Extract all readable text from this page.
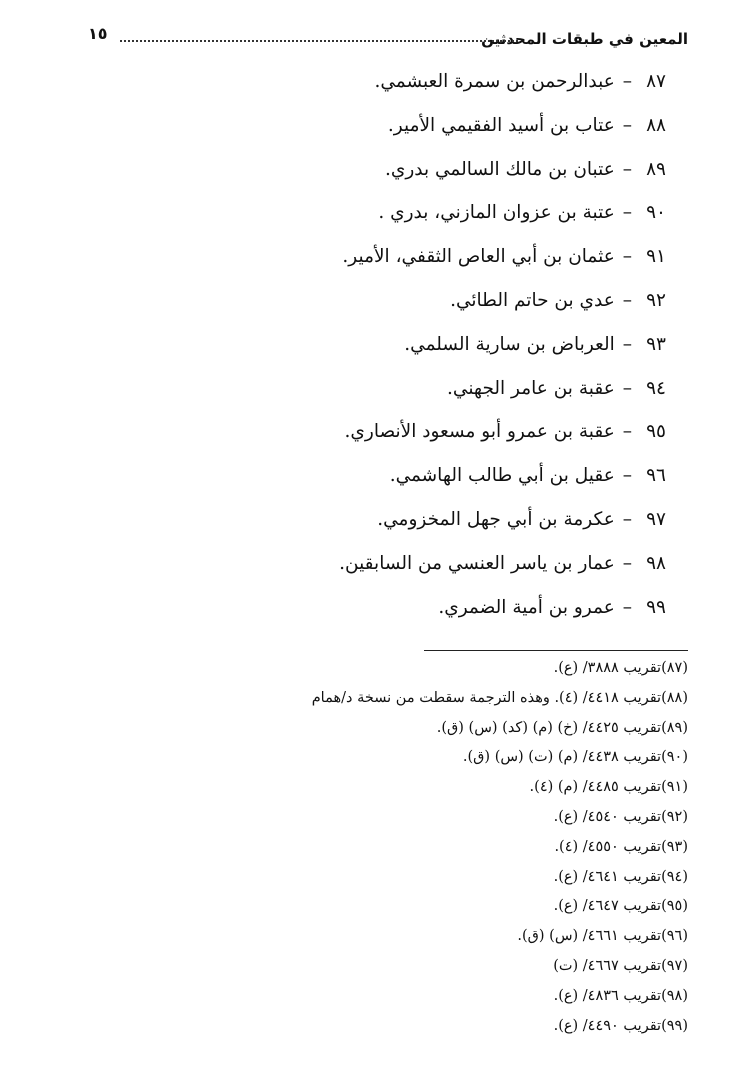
المعين في طبقات المحدثين
١٥
٨٧–عبدالرحمن بن سمرة العبشمي.
٨٨–عتاب بن أسيد الفقيمي الأمير.
٨٩–عتبان بن مالك السالمي بدري.
٩٠–عتبة بن عزوان المازني، بدري .
٩١–عثمان بن أبي العاص الثقفي، الأمير.
٩٢–عدي بن حاتم الطائي.
٩٣–العرباض بن سارية السلمي.
٩٤–عقبة بن عامر الجهني.
٩٥–عقبة بن عمرو أبو مسعود الأنصاري.
٩٦–عقيل بن أبي طالب الهاشمي.
٩٧–عكرمة بن أبي جهل المخزومي.
٩٨–عمار بن ياسر العنسي من السابقين.
٩٩–عمرو بن أمية الضمري.
(٨٧)تقريب ٣٨٨٨/ (ع).
(٨٨)تقريب ٤٤١٨/ (٤). وهذه الترجمة سقطت من نسخة د/همام
(٨٩)تقريب ٤٤٢٥/ (خ) (م) (كد) (س) (ق).
(٩٠)تقريب ٤٤٣٨/ (م) (ت) (س) (ق).
(٩١)تقريب ٤٤٨٥/ (م) (٤).
(٩٢)تقريب ٤٥٤٠/ (ع).
(٩٣)تقريب ٤٥٥٠/ (٤).
(٩٤)تقريب ٤٦٤١/ (ع).
(٩٥)تقريب ٤٦٤٧/ (ع).
(٩٦)تقريب ٤٦٦١/ (س) (ق).
(٩٧)تقريب ٤٦٦٧/ (ت)
(٩٨)تقريب ٤٨٣٦/ (ع).
(٩٩)تقريب ٤٤٩٠/ (ع).
